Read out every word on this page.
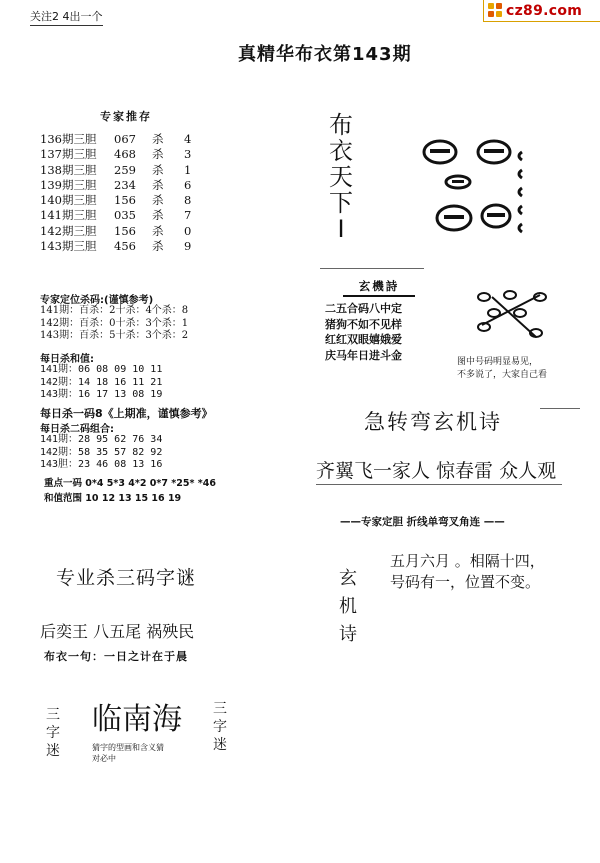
cz89.com
关注2 4出一个
真精华布衣第143期
专家推存
136期三胆 067 杀 4
137期三胆 468 杀 3
138期三胆 259 杀 1
139期三胆 234 杀 6
140期三胆 156 杀 8
141期三胆 035 杀 7
142期三胆 156 杀 0
143期三胆 456 杀 9
专家定位杀码:(谨慎参考)
141期：百杀：2十杀：4个杀：8
142期：百杀：0十杀：3个杀：1
143期：百杀：5十杀：3个杀：2
每日杀和值:
141期：06 08 09 10 11
142期：14 18 16 11 21
143期：16 17 13 08 19
每日杀一码8《上期准，谨慎参考》
每日杀二码组合:
141期：28 95 62 76 34
142期：58 35 57 82 92
143胆：23 46 08 13 16
重点一码 0*4 5*3 4*2 0*7 *25* *46
和值范围 10 12 13 15 16 19
布
衣
天
下
I
玄機詩
二五合码八中定
猪狗不如不见样
红红双眼嬉娥爱
庆马年日进斗金
图中号码明显易见，
不多说了，大家自己看
急转弯玄机诗
齐翼飞一家人 惊春雷 众人观
——专家定胆 折线单弯叉角连 ——
玄
机
诗
五月六月 。相隔十四，
号码有一，位置不变。
专业杀三码字谜
后奕王 八五尾 祸殃民
布衣一句：一日之计在于晨
三
字
迷
临南海
猜字的型画和含义猜
对必中
三
字
迷
